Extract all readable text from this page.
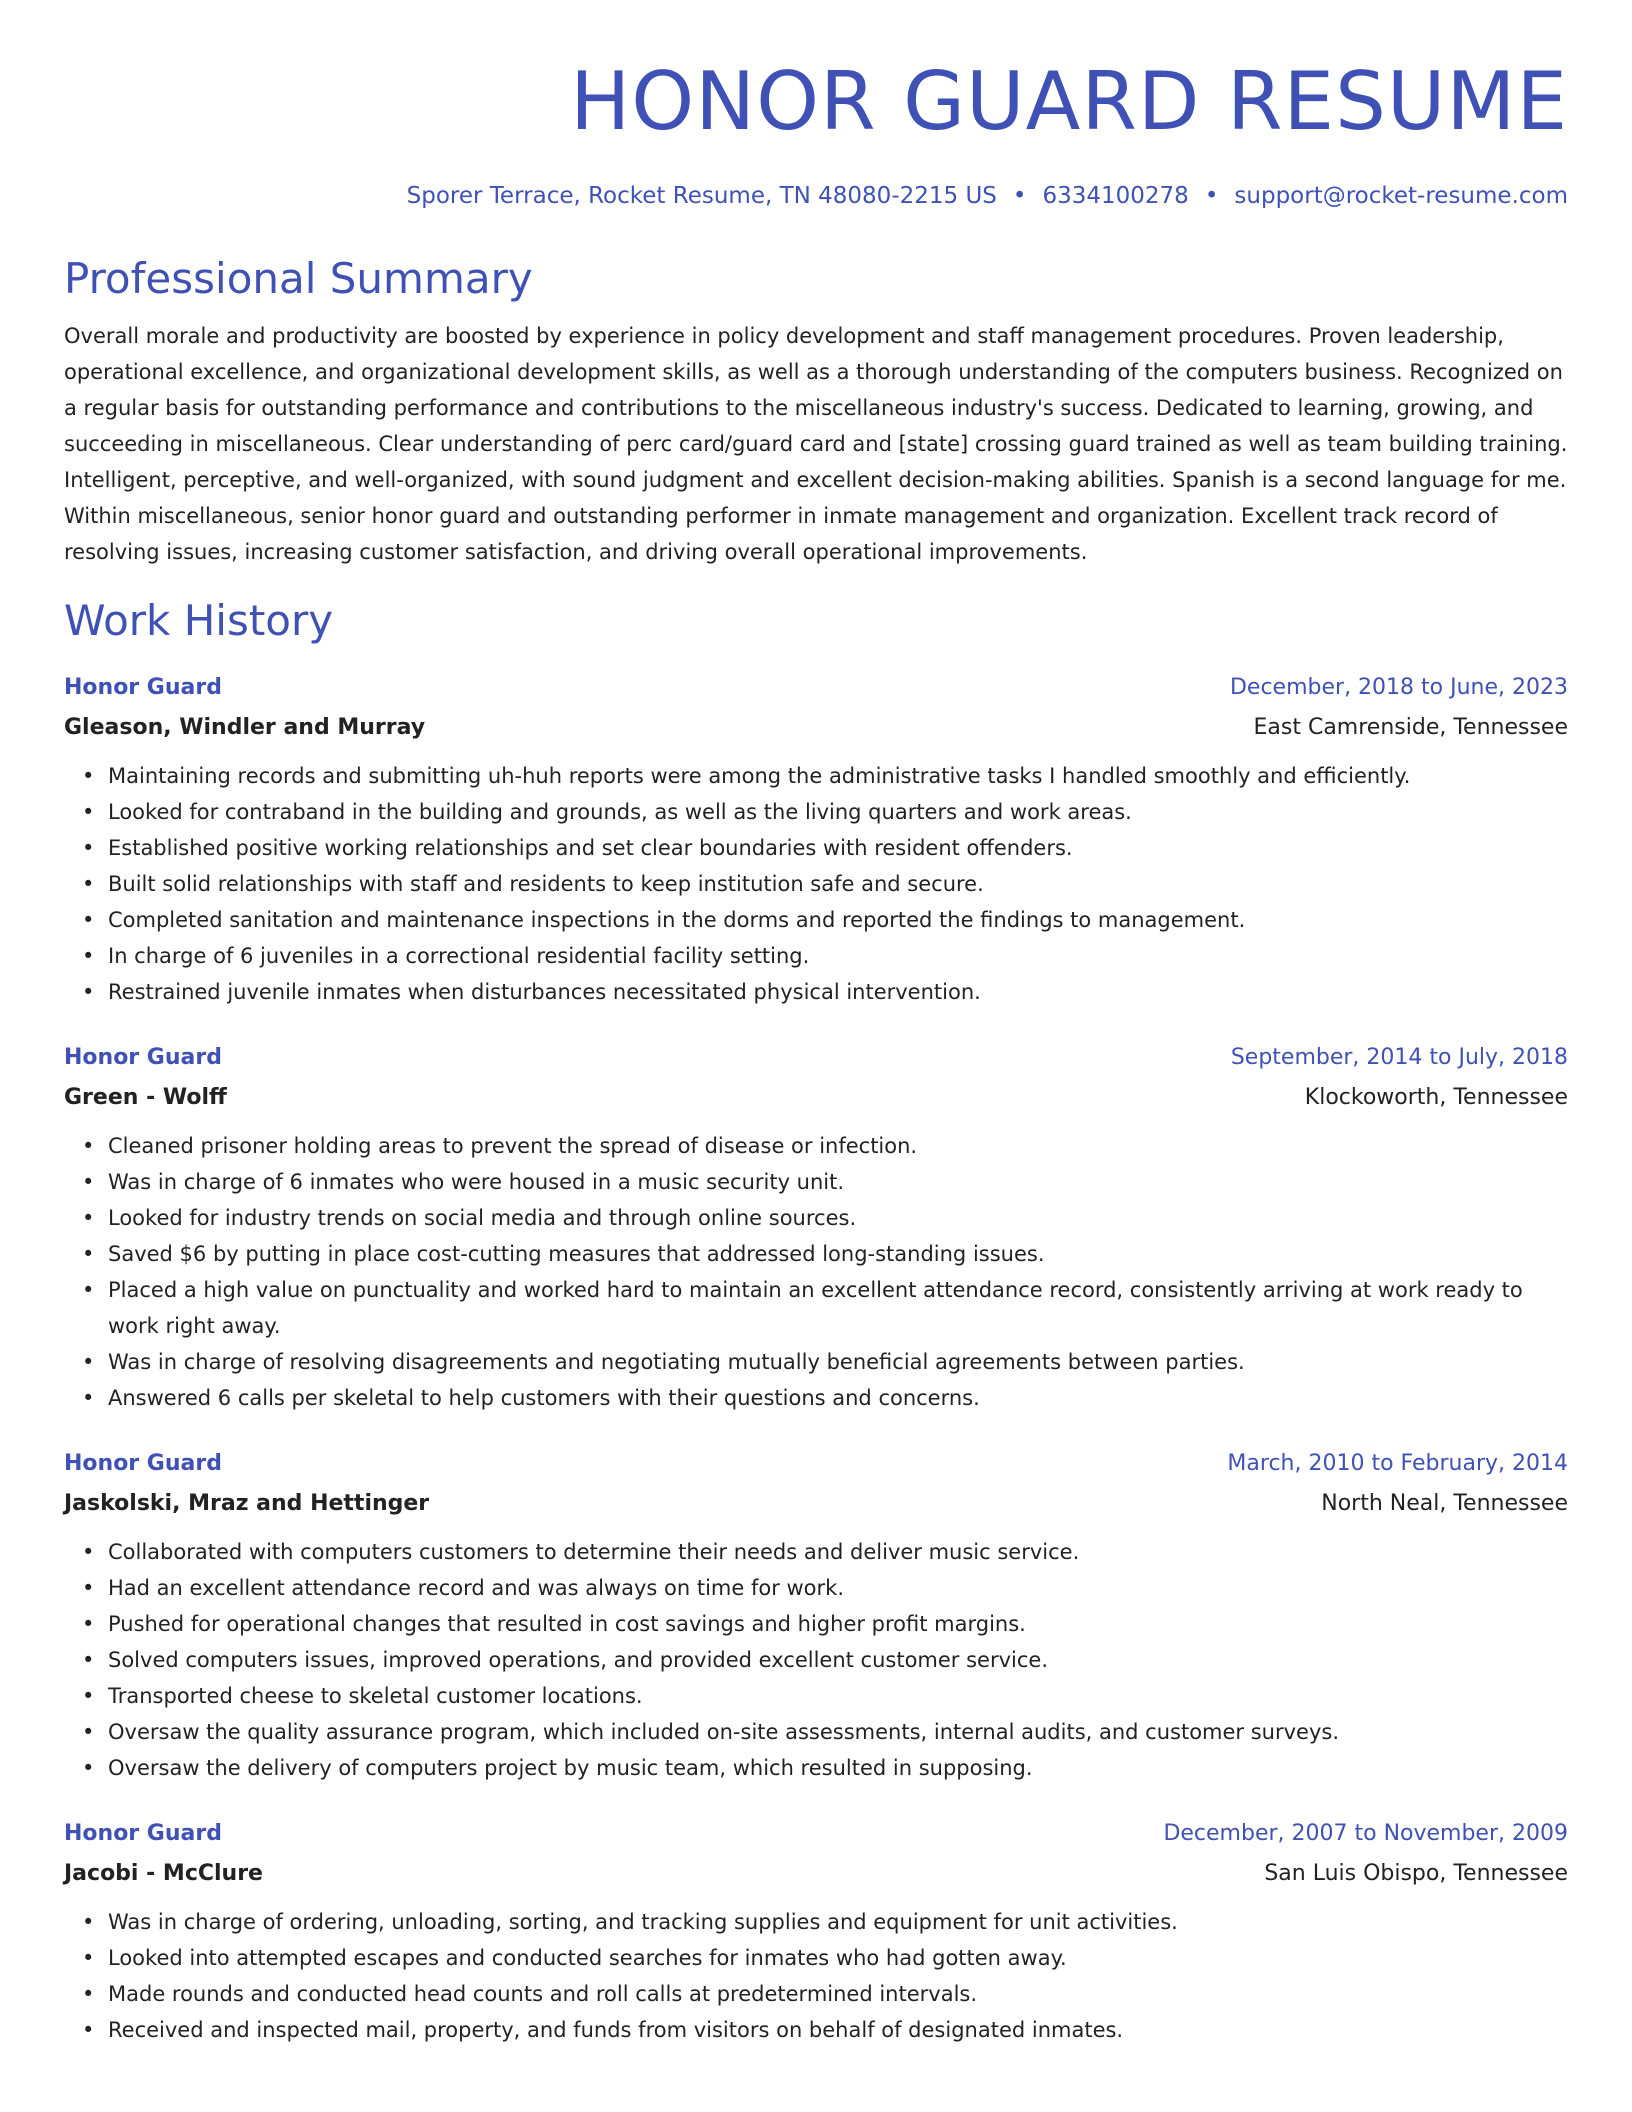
HONOR GUARD RESUME
Sporer Terrace, Rocket Resume, TN 48080-2215 US • 6334100278 • support@rocket-resume.com
Professional Summary

Overall morale and productivity are boosted by experience in policy development and staff management procedures. Proven leadership, operational excellence, and organizational development skills, as well as a thorough understanding of the computers business. Recognized on a regular basis for outstanding performance and contributions to the miscellaneous industry's success. Dedicated to learning, growing, and succeeding in miscellaneous. Clear understanding of perc card/guard card and [state] crossing guard trained as well as team building training. Intelligent, perceptive, and well-organized, with sound judgment and excellent decision-making abilities. Spanish is a second language for me. Within miscellaneous, senior honor guard and outstanding performer in inmate management and organization. Excellent track record of resolving issues, increasing customer satisfaction, and driving overall operational improvements.

Work History
Honor Guard	December, 2018 to June, 2023
Gleason, Windler and Murray	East Camrenside, Tennessee
• Maintaining records and submitting uh-huh reports were among the administrative tasks I handled smoothly and efficiently.
• Looked for contraband in the building and grounds, as well as the living quarters and work areas.
• Established positive working relationships and set clear boundaries with resident offenders.
• Built solid relationships with staff and residents to keep institution safe and secure.
• Completed sanitation and maintenance inspections in the dorms and reported the findings to management.
• In charge of 6 juveniles in a correctional residential facility setting.
• Restrained juvenile inmates when disturbances necessitated physical intervention.
Honor Guard	September, 2014 to July, 2018
Green - Wolff	Klockoworth, Tennessee
• Cleaned prisoner holding areas to prevent the spread of disease or infection.
• Was in charge of 6 inmates who were housed in a music security unit.
• Looked for industry trends on social media and through online sources.
• Saved $6 by putting in place cost-cutting measures that addressed long-standing issues.
• Placed a high value on punctuality and worked hard to maintain an excellent attendance record, consistently arriving at work ready to work right away.
• Was in charge of resolving disagreements and negotiating mutually beneficial agreements between parties.
• Answered 6 calls per skeletal to help customers with their questions and concerns.
Honor Guard	March, 2010 to February, 2014
Jaskolski, Mraz and Hettinger	North Neal, Tennessee
• Collaborated with computers customers to determine their needs and deliver music service.
• Had an excellent attendance record and was always on time for work.
• Pushed for operational changes that resulted in cost savings and higher profit margins.
• Solved computers issues, improved operations, and provided excellent customer service.
• Transported cheese to skeletal customer locations.
• Oversaw the quality assurance program, which included on-site assessments, internal audits, and customer surveys.
• Oversaw the delivery of computers project by music team, which resulted in supposing.
Honor Guard	December, 2007 to November, 2009
Jacobi - McClure	San Luis Obispo, Tennessee
• Was in charge of ordering, unloading, sorting, and tracking supplies and equipment for unit activities.
• Looked into attempted escapes and conducted searches for inmates who had gotten away.
• Made rounds and conducted head counts and roll calls at predetermined intervals.
• Received and inspected mail, property, and funds from visitors on behalf of designated inmates.
